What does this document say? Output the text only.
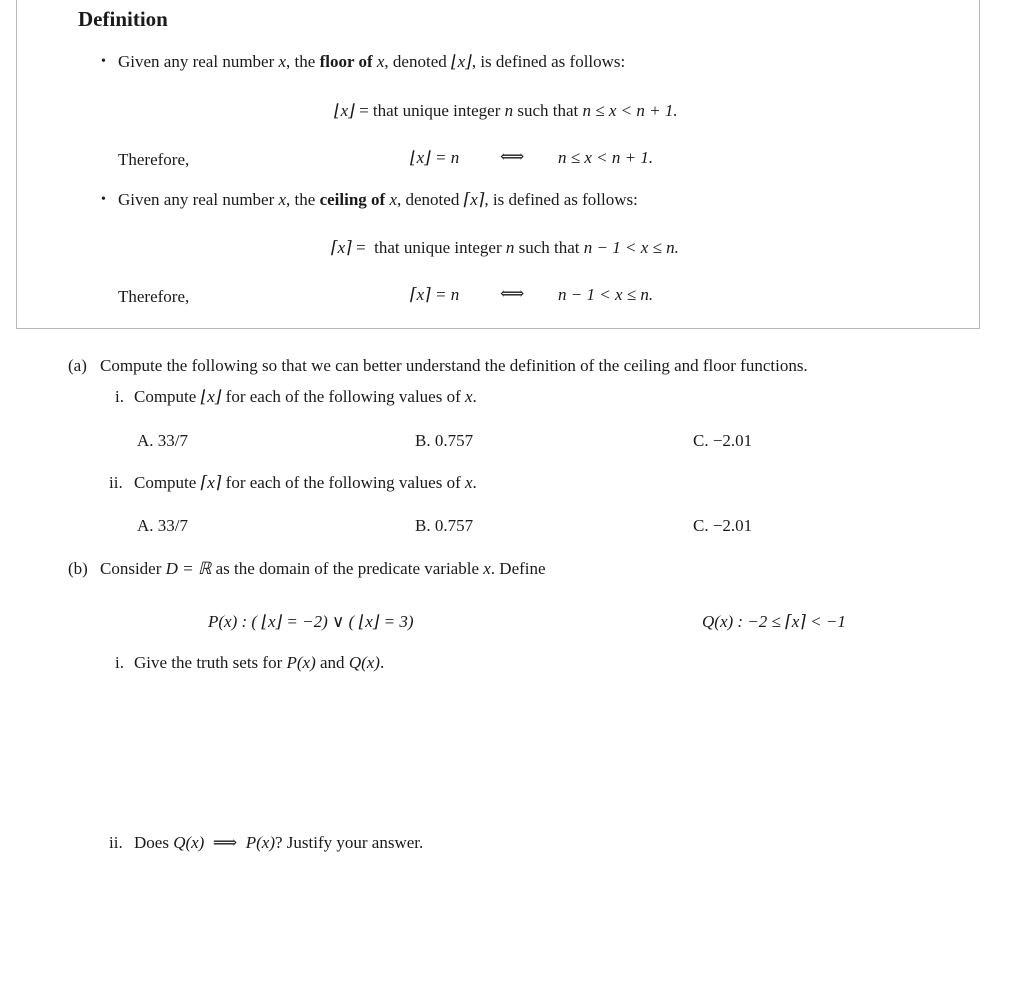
Definition
• Given any real number x, the floor of x, denoted ⌊x⌋, is defined as follows:
⌊x⌋ = that unique integer n such that n ≤ x < n + 1.
Therefore,	⌊x⌋ = n ⟺ n ≤ x < n + 1.
• Given any real number x, the ceiling of x, denoted ⌈x⌉, is defined as follows:
⌈x⌉ = that unique integer n such that n − 1 < x ≤ n.
Therefore,	⌈x⌉ = n ⟺ n − 1 < x ≤ n.
(a) Compute the following so that we can better understand the definition of the ceiling and floor functions.
i. Compute ⌊x⌋ for each of the following values of x.
A. 33/7	B. 0.757	C. −2.01
ii. Compute ⌈x⌉ for each of the following values of x.
A. 33/7	B. 0.757	C. −2.01
(b) Consider D = ℝ as the domain of the predicate variable x. Define
P(x) : ( ⌊x⌋ = −2) ∨ ( ⌊x⌋ = 3)	Q(x) : −2 ≤ ⌈x⌉ < −1
i. Give the truth sets for P(x) and Q(x).
ii. Does Q(x) ⟹ P(x)? Justify your answer.
